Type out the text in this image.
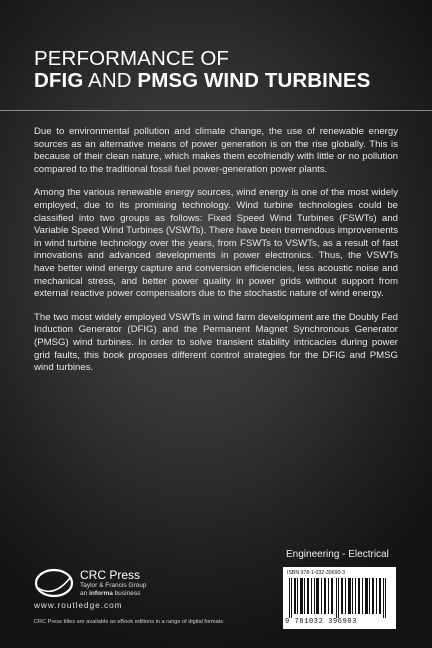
PERFORMANCE OF
DFIG AND PMSG WIND TURBINES

Due to environmental pollution and climate change, the use of renewable energy sources as an alternative means of power generation is on the rise globally. This is because of their clean nature, which makes them ecofriendly with little or no pollution compared to the traditional fossil fuel power-generation power plants.

Among the various renewable energy sources, wind energy is one of the most widely employed, due to its promising technology. Wind turbine technologies could be classified into two groups as follows: Fixed Speed Wind Turbines (FSWTs) and Variable Speed Wind Turbines (VSWTs). There have been tremendous improvements in wind turbine technology over the years, from FSWTs to VSWTs, as a result of fast innovations and advanced developments in power electronics. Thus, the VSWTs have better wind energy capture and conversion efficiencies, less acoustic noise and mechanical stress, and better power quality in power grids without support from external reactive power compensators due to the stochastic nature of wind energy.

The two most widely employed VSWTs in wind farm development are the Doubly Fed Induction Generator (DFIG) and the Permanent Magnet Synchronous Generator (PMSG) wind turbines. In order to solve transient stability intricacies during power grid faults, this book proposes different control strategies for the DFIG and PMSG wind turbines.

Engineering - Electrical
ISBN 978-1-032-39690-3
9 781032 396903
CRC Press
Taylor & Francis Group
an informa business
www.routledge.com
CRC Press titles are available as eBook editions in a range of digital formats
